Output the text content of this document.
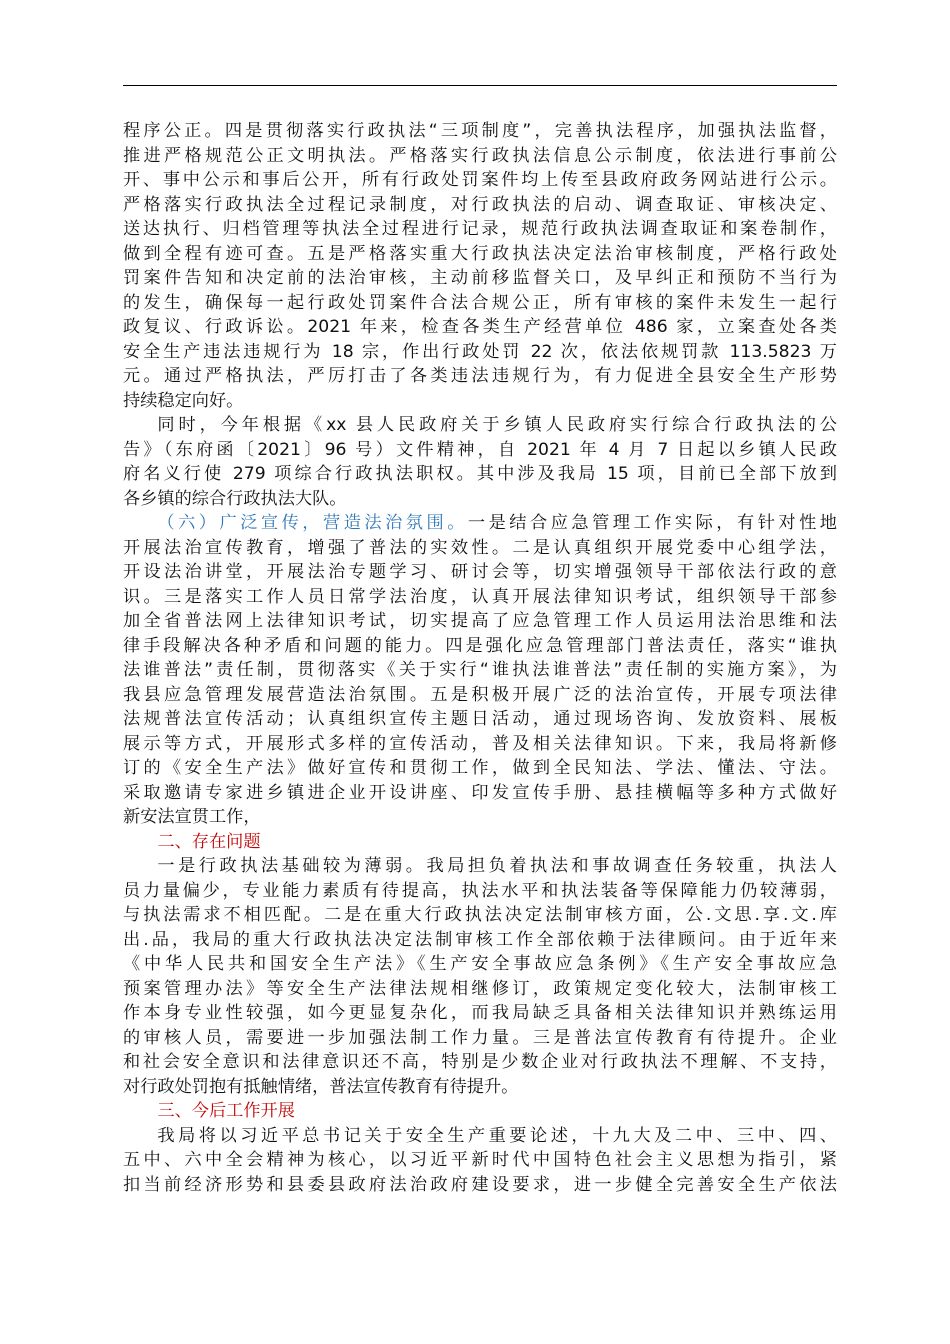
程序公正。四是贯彻落实行政执法“三项制度”，完善执法程序，加强执法监督，
推进严格规范公正文明执法。严格落实行政执法信息公示制度，依法进行事前公
开、事中公示和事后公开，所有行政处罚案件均上传至县政府政务网站进行公示。
严格落实行政执法全过程记录制度，对行政执法的启动、调查取证、审核决定、
送达执行、归档管理等执法全过程进行记录，规范行政执法调查取证和案卷制作，
做到全程有迹可查。五是严格落实重大行政执法决定法治审核制度，严格行政处
罚案件告知和决定前的法治审核，主动前移监督关口，及早纠正和预防不当行为
的发生，确保每一起行政处罚案件合法合规公正，所有审核的案件未发生一起行
政复议、行政诉讼。2021 年来，检查各类生产经营单位 486 家，立案查处各类
安全生产违法违规行为 18 宗，作出行政处罚 22 次，依法依规罚款 113.5823 万
元。通过严格执法，严厉打击了各类违法违规行为，有力促进全县安全生产形势
持续稳定向好。

同时，今年根据《xx 县人民政府关于乡镇人民政府实行综合行政执法的公
告》（东府函〔2021〕96 号）文件精神，自 2021 年 4 月 7 日起以乡镇人民政
府名义行使 279 项综合行政执法职权。其中涉及我局 15 项，目前已全部下放到
各乡镇的综合行政执法大队。

（六）广泛宣传，营造法治氛围。一是结合应急管理工作实际，有针对性地
开展法治宣传教育，增强了普法的实效性。二是认真组织开展党委中心组学法，
开设法治讲堂，开展法治专题学习、研讨会等，切实增强领导干部依法行政的意
识。三是落实工作人员日常学法治度，认真开展法律知识考试，组织领导干部参
加全省普法网上法律知识考试，切实提高了应急管理工作人员运用法治思维和法
律手段解决各种矛盾和问题的能力。四是强化应急管理部门普法责任，落实“谁执
法谁普法”责任制，贯彻落实《关于实行“谁执法谁普法”责任制的实施方案》，为
我县应急管理发展营造法治氛围。五是积极开展广泛的法治宣传，开展专项法律
法规普法宣传活动；认真组织宣传主题日活动，通过现场咨询、发放资料、展板
展示等方式，开展形式多样的宣传活动，普及相关法律知识。下来，我局将新修
订的《安全生产法》做好宣传和贯彻工作，做到全民知法、学法、懂法、守法。
采取邀请专家进乡镇进企业开设讲座、印发宣传手册、悬挂横幅等多种方式做好
新安法宣贯工作，

二、存在问题

一是行政执法基础较为薄弱。我局担负着执法和事故调查任务较重，执法人
员力量偏少，专业能力素质有待提高，执法水平和执法装备等保障能力仍较薄弱，
与执法需求不相匹配。二是在重大行政执法决定法制审核方面，公.文思.享.文.库
出.品，我局的重大行政执法决定法制审核工作全部依赖于法律顾问。由于近年来
《中华人民共和国安全生产法》《生产安全事故应急条例》《生产安全事故应急
预案管理办法》等安全生产法律法规相继修订，政策规定变化较大，法制审核工
作本身专业性较强，如今更显复杂化，而我局缺乏具备相关法律知识并熟练运用
的审核人员，需要进一步加强法制工作力量。三是普法宣传教育有待提升。企业
和社会安全意识和法律意识还不高，特别是少数企业对行政执法不理解、不支持，
对行政处罚抱有抵触情绪，普法宣传教育有待提升。

三、今后工作开展

我局将以习近平总书记关于安全生产重要论述，十九大及二中、三中、四、
五中、六中全会精神为核心，以习近平新时代中国特色社会主义思想为指引，紧
扣当前经济形势和县委县政府法治政府建设要求，进一步健全完善安全生产依法
